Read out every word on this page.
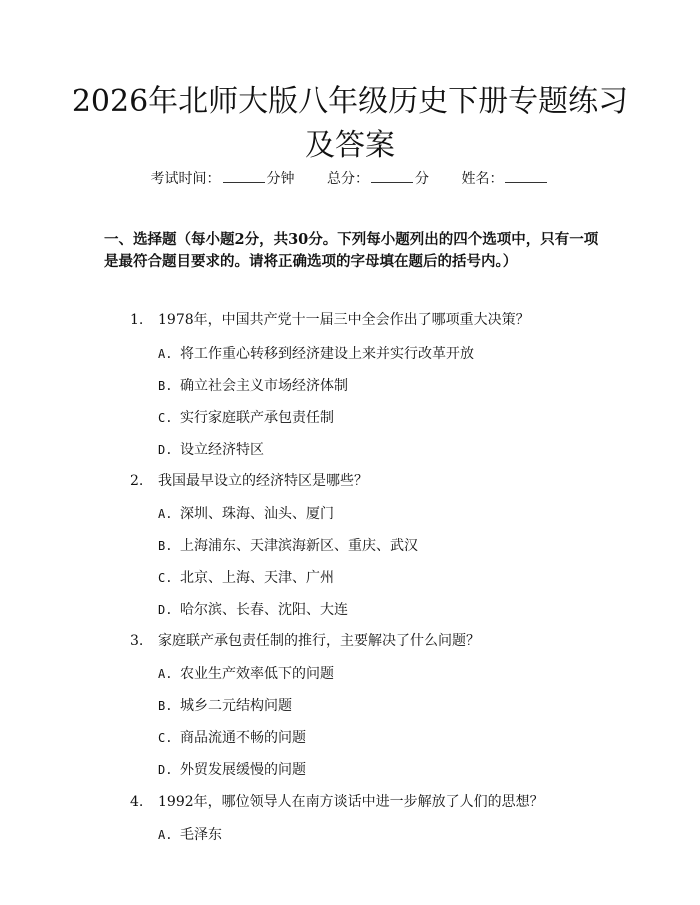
2026年北师大版八年级历史下册专题练习及答案
考试时间：	分钟 总分：	分 姓名：

一、选择题（每小题2分，共30分。下列每小题列出的四个选项中，只有一项是最符合题目要求的。请将正确选项的字母填在题后的括号内。）

1. 1978年，中国共产党十一届三中全会作出了哪项重大决策？
A. 将工作重心转移到经济建设上来并实行改革开放
B. 确立社会主义市场经济体制
C. 实行家庭联产承包责任制
D. 设立经济特区
2. 我国最早设立的经济特区是哪些？
A. 深圳、珠海、汕头、厦门
B. 上海浦东、天津滨海新区、重庆、武汉
C. 北京、上海、天津、广州
D. 哈尔滨、长春、沈阳、大连
3. 家庭联产承包责任制的推行，主要解决了什么问题？
A. 农业生产效率低下的问题
B. 城乡二元结构问题
C. 商品流通不畅的问题
D. 外贸发展缓慢的问题
4. 1992年，哪位领导人在南方谈话中进一步解放了人们的思想？
A. 毛泽东
